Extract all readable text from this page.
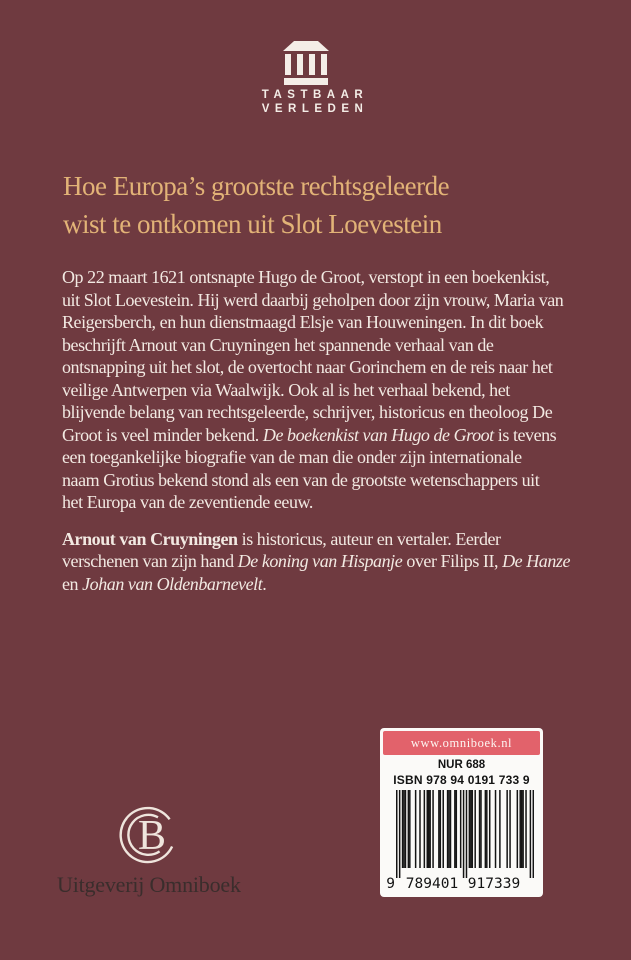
TASTBAAR
VERLEDEN
Hoe Europa’s grootste rechtsgeleerde
wist te ontkomen uit Slot Loevestein
Op 22 maart 1621 ontsnapte Hugo de Groot, verstopt in een boekenkist,
uit Slot Loevestein. Hij werd daarbij geholpen door zijn vrouw, Maria van
Reigersberch, en hun dienstmaagd Elsje van Houweningen. In dit boek
beschrijft Arnout van Cruyningen het spannende verhaal van de
ontsnapping uit het slot, de overtocht naar Gorinchem en de reis naar het
veilige Antwerpen via Waalwijk. Ook al is het verhaal bekend, het
blijvende belang van rechtsgeleerde, schrijver, historicus en theoloog De
Groot is veel minder bekend. De boekenkist van Hugo de Groot is tevens
een toegankelijke biografie van de man die onder zijn internationale
naam Grotius bekend stond als een van de grootste wetenschappers uit
het Europa van de zeventiende eeuw.
Arnout van Cruyningen is historicus, auteur en vertaler. Eerder
verschenen van zijn hand De koning van Hispanje over Filips II, De Hanze
en Johan van Oldenbarnevelt.
B
Uitgeverij Omniboek
www.omniboek.nl
NUR 688
ISBN 978 94 0191 733 9
9 789401 917339
